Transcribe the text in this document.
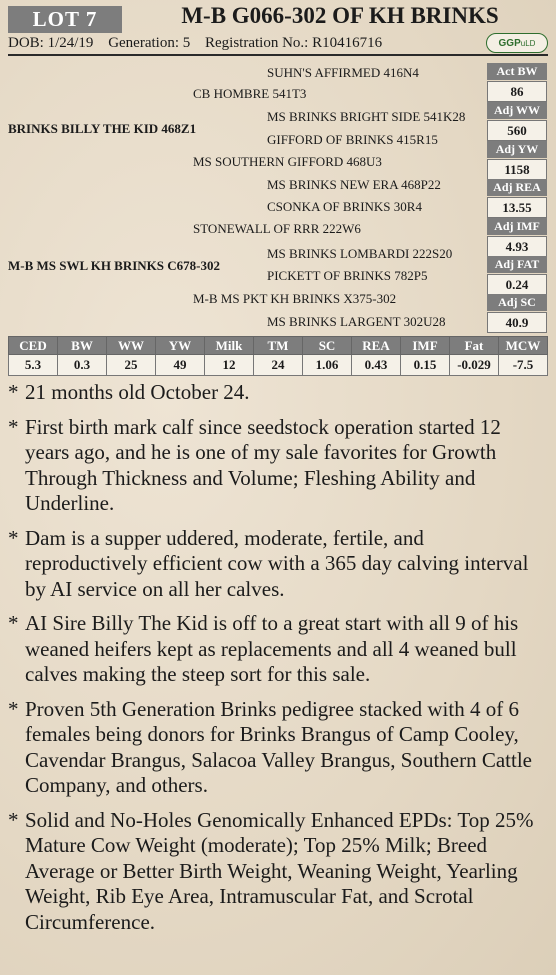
LOT 7	M-B G066-302 OF KH BRINKS
DOB: 1/24/19 Generation: 5 Registration No.: R10416716	GGP uLD
SUHN'S AFFIRMED 416N4
CB HOMBRE 541T3
MS BRINKS BRIGHT SIDE 541K28
BRINKS BILLY THE KID 468Z1
GIFFORD OF BRINKS 415R15
MS SOUTHERN GIFFORD 468U3
MS BRINKS NEW ERA 468P22
CSONKA OF BRINKS 30R4
STONEWALL OF RRR 222W6
MS BRINKS LOMBARDI 222S20
M-B MS SWL KH BRINKS C678-302
PICKETT OF BRINKS 782P5
M-B MS PKT KH BRINKS X375-302
MS BRINKS LARGENT 302U28
Act BW
86
Adj WW
560
Adj YW
1158
Adj REA
13.55
Adj IMF
4.93
Adj FAT
0.24
Adj SC
40.9
CED	BW	WW	YW	Milk	TM	SC	REA	IMF	Fat	MCW
5.3	0.3	25	49	12	24	1.06	0.43	0.15	-0.029	-7.5
* 21 months old October 24.
* First birth mark calf since seedstock operation started 12 years ago, and he is one of my sale favorites for Growth Through Thickness and Volume; Fleshing Ability and Underline.
* Dam is a supper uddered, moderate, fertile, and reproductively efficient cow with a 365 day calving interval by AI service on all her calves.
* AI Sire Billy The Kid is off to a great start with all 9 of his weaned heifers kept as replacements and all 4 weaned bull calves making the steep sort for this sale.
* Proven 5th Generation Brinks pedigree stacked with 4 of 6 females being donors for Brinks Brangus of Camp Cooley, Cavendar Brangus, Salacoa Valley Brangus, Southern Cattle Company, and others.
* Solid and No-Holes Genomically Enhanced EPDs: Top 25% Mature Cow Weight (moderate); Top 25% Milk; Breed Average or Better Birth Weight, Weaning Weight, Yearling Weight, Rib Eye Area, Intramuscular Fat, and Scrotal Circumference.
